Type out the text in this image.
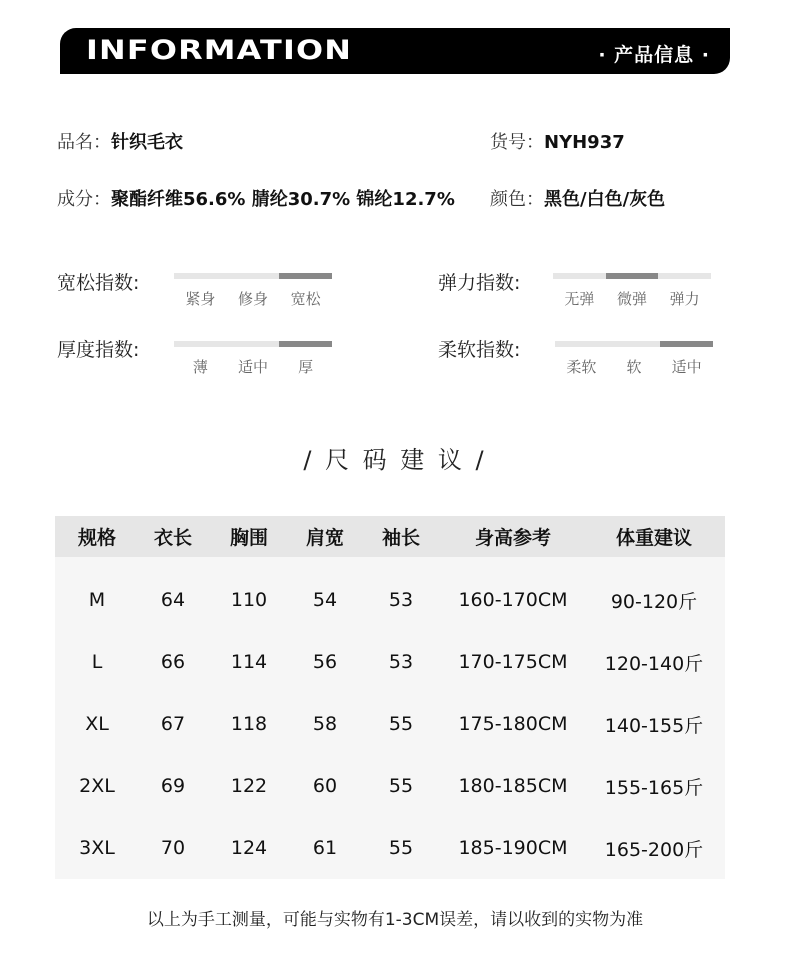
INFORMATION	· 产品信息 ·
品名：针织毛衣	货号：NYH937
成分：聚酯纤维56.6% 腈纶30.7% 锦纶12.7% 颜色：黑色/白色/灰色
宽松指数:
紧身	修身	宽松
弹力指数:
无弹	微弹	弹力
厚度指数:
薄	适中	厚
柔软指数:
柔软	软	适中
/ 尺 码 建 议 /
规格	衣长	胸围	肩宽	袖长	身高参考	体重建议
M	64	110	54	53	160-170CM	90-120斤
L	66	114	56	53	170-175CM	120-140斤
XL	67	118	58	55	175-180CM	140-155斤
2XL	69	122	60	55	180-185CM	155-165斤
3XL	70	124	61	55	185-190CM	165-200斤
以上为手工测量，可能与实物有1-3CM误差，请以收到的实物为准
